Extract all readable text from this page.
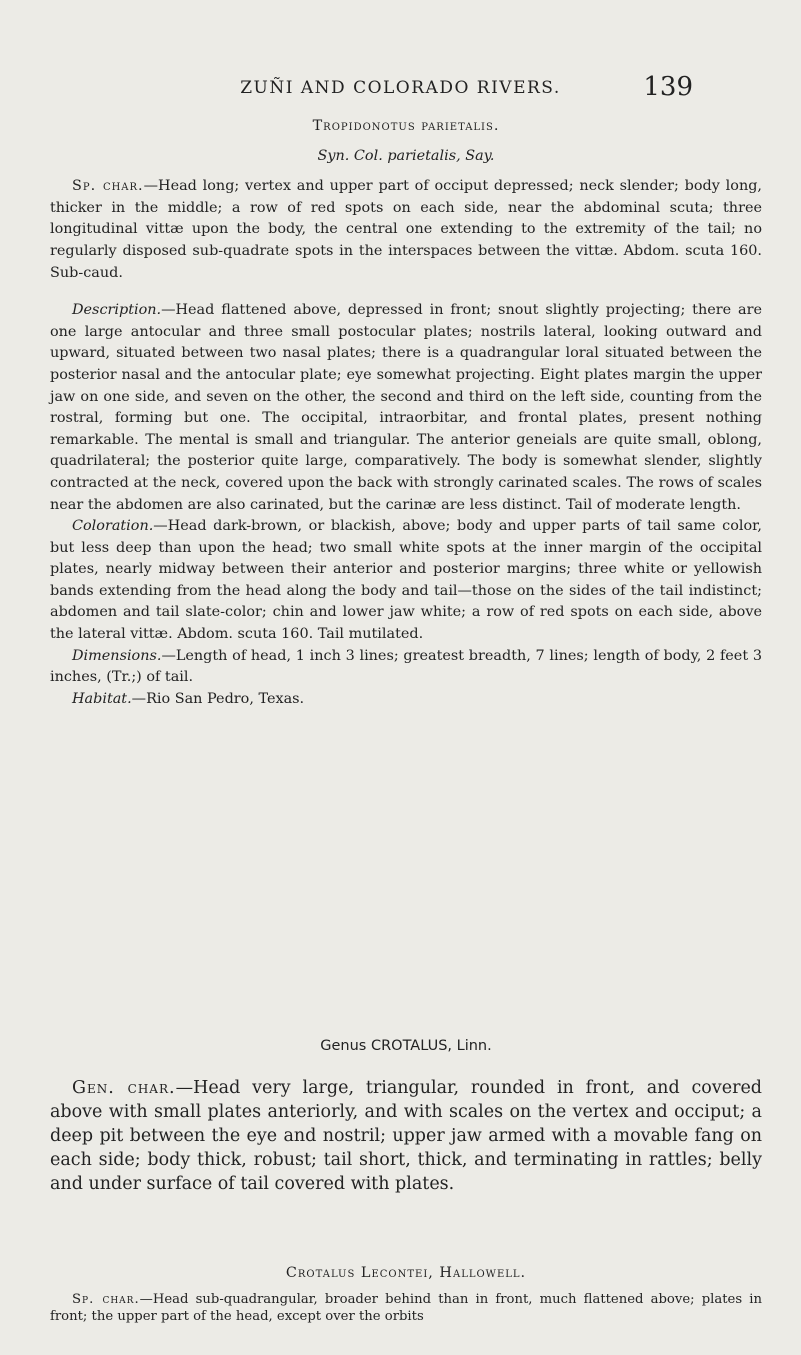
ZUÑI AND COLORADO RIVERS.	139

Tropidonotus parietalis.

Syn. Col. parietalis, Say.

Sp. char.—Head long; vertex and upper part of occiput depressed; neck slender; body long, thicker in the middle; a row of red spots on each side, near the abdominal scuta; three longitudinal vittæ upon the body, the central one extending to the extremity of the tail; no regularly disposed sub-quadrate spots in the interspaces between the vittæ. Abdom. scuta 160. Sub-caud.

Description.—Head flattened above, depressed in front; snout slightly projecting; there are one large antocular and three small postocular plates; nostrils lateral, looking outward and upward, situated between two nasal plates; there is a quadrangular loral situated between the posterior nasal and the antocular plate; eye somewhat projecting. Eight plates margin the upper jaw on one side, and seven on the other, the second and third on the left side, counting from the rostral, forming but one. The occipital, intraorbitar, and frontal plates, present nothing remarkable. The mental is small and triangular. The anterior geneials are quite small, oblong, quadrilateral; the posterior quite large, comparatively. The body is somewhat slender, slightly contracted at the neck, covered upon the back with strongly carinated scales. The rows of scales near the abdomen are also carinated, but the carinæ are less distinct. Tail of moderate length.

Coloration.—Head dark-brown, or blackish, above; body and upper parts of tail same color, but less deep than upon the head; two small white spots at the inner margin of the occipital plates, nearly midway between their anterior and posterior margins; three white or yellowish bands extending from the head along the body and tail—those on the sides of the tail indistinct; abdomen and tail slate-color; chin and lower jaw white; a row of red spots on each side, above the lateral vittæ. Abdom. scuta 160. Tail mutilated.

Dimensions.—Length of head, 1 inch 3 lines; greatest breadth, 7 lines; length of body, 2 feet 3 inches, (Tr.;) of tail.

Habitat.—Rio San Pedro, Texas.

Genus CROTALUS, Linn.

Gen. char.—Head very large, triangular, rounded in front, and covered above with small plates anteriorly, and with scales on the vertex and occiput; a deep pit between the eye and nostril; upper jaw armed with a movable fang on each side; body thick, robust; tail short, thick, and terminating in rattles; belly and under surface of tail covered with plates.

Crotalus Lecontei, Hallowell.

Sp. char.—Head sub-quadrangular, broader behind than in front, much flattened above; plates in front; the upper part of the head, except over the orbits
